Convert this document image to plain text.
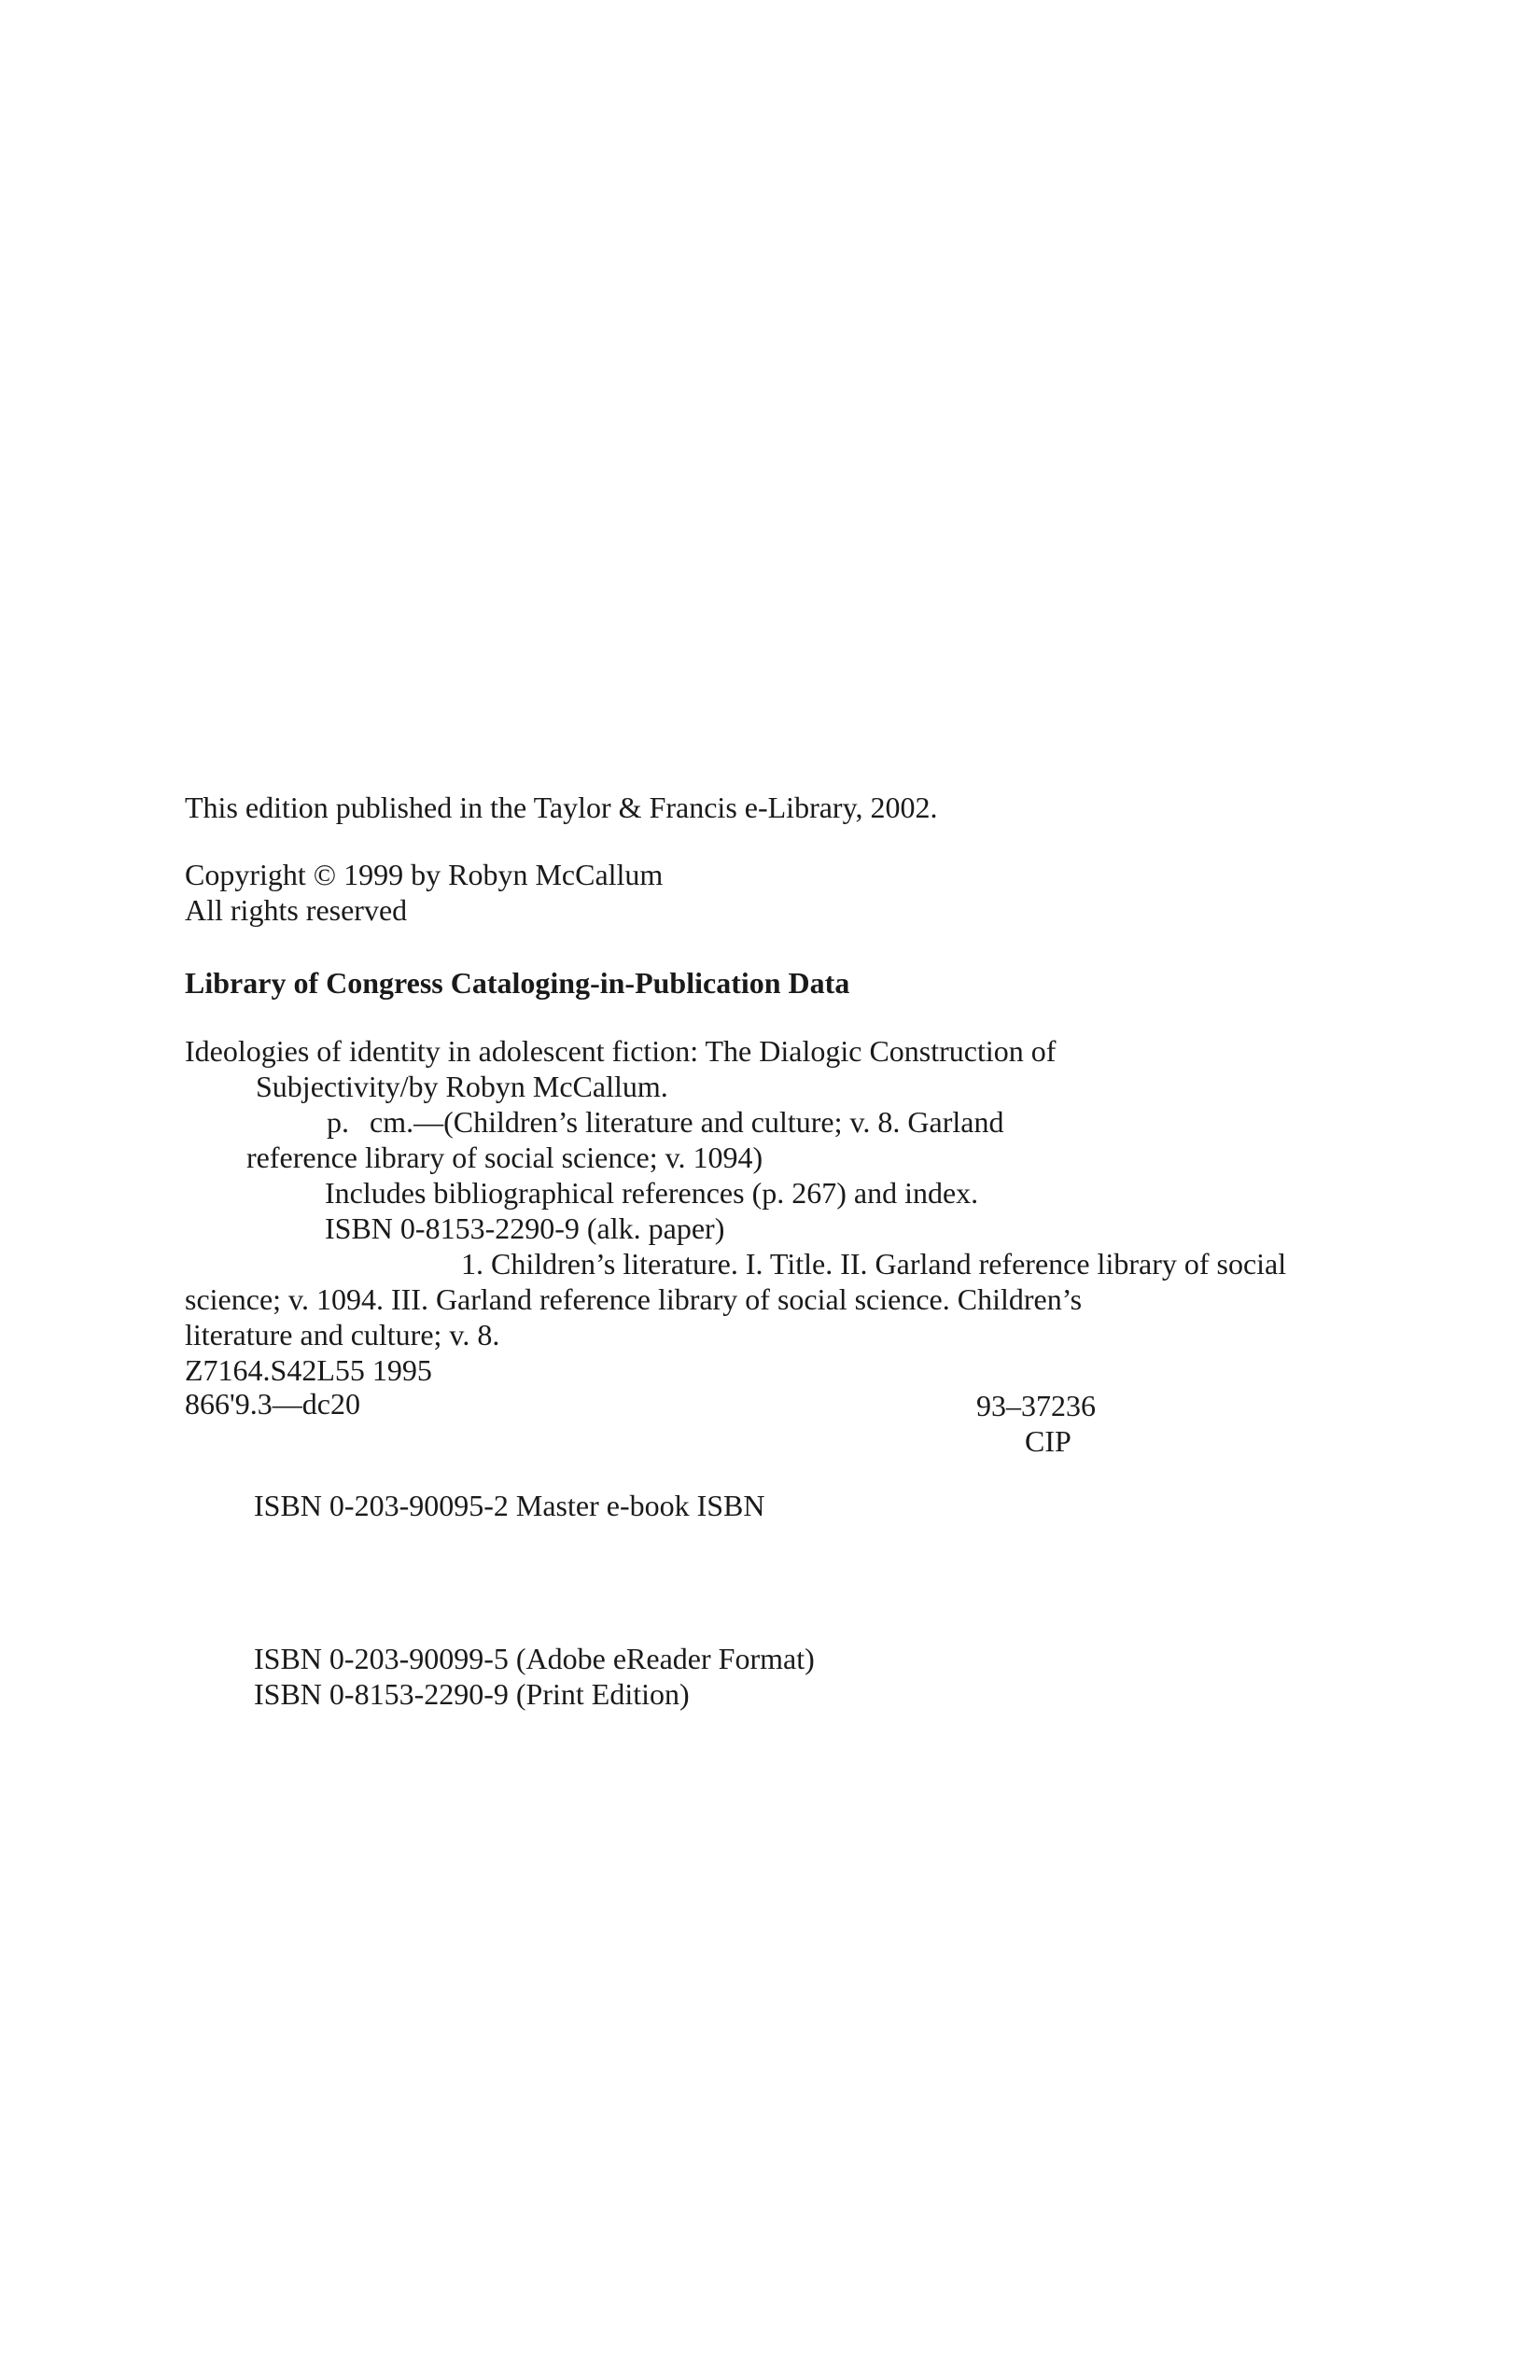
This edition published in the Taylor & Francis e-Library, 2002.
Copyright © 1999 by Robyn McCallum
All rights reserved
Library of Congress Cataloging-in-Publication Data
Ideologies of identity in adolescent fiction: The Dialogic Construction of
Subjectivity/by Robyn McCallum.
p. cm.—(Children’s literature and culture; v. 8. Garland
reference library of social science; v. 1094)
Includes bibliographical references (p. 267) and index.
ISBN 0-8153-2290-9 (alk. paper)
1. Children’s literature. I. Title. II. Garland reference library of social
science; v. 1094. III. Garland reference library of social science. Children’s
literature and culture; v. 8.
Z7164.S42L55 1995
866'9.3—dc20	93–37236
CIP
ISBN 0-203-90095-2 Master e-book ISBN
ISBN 0-203-90099-5 (Adobe eReader Format)
ISBN 0-8153-2290-9 (Print Edition)
